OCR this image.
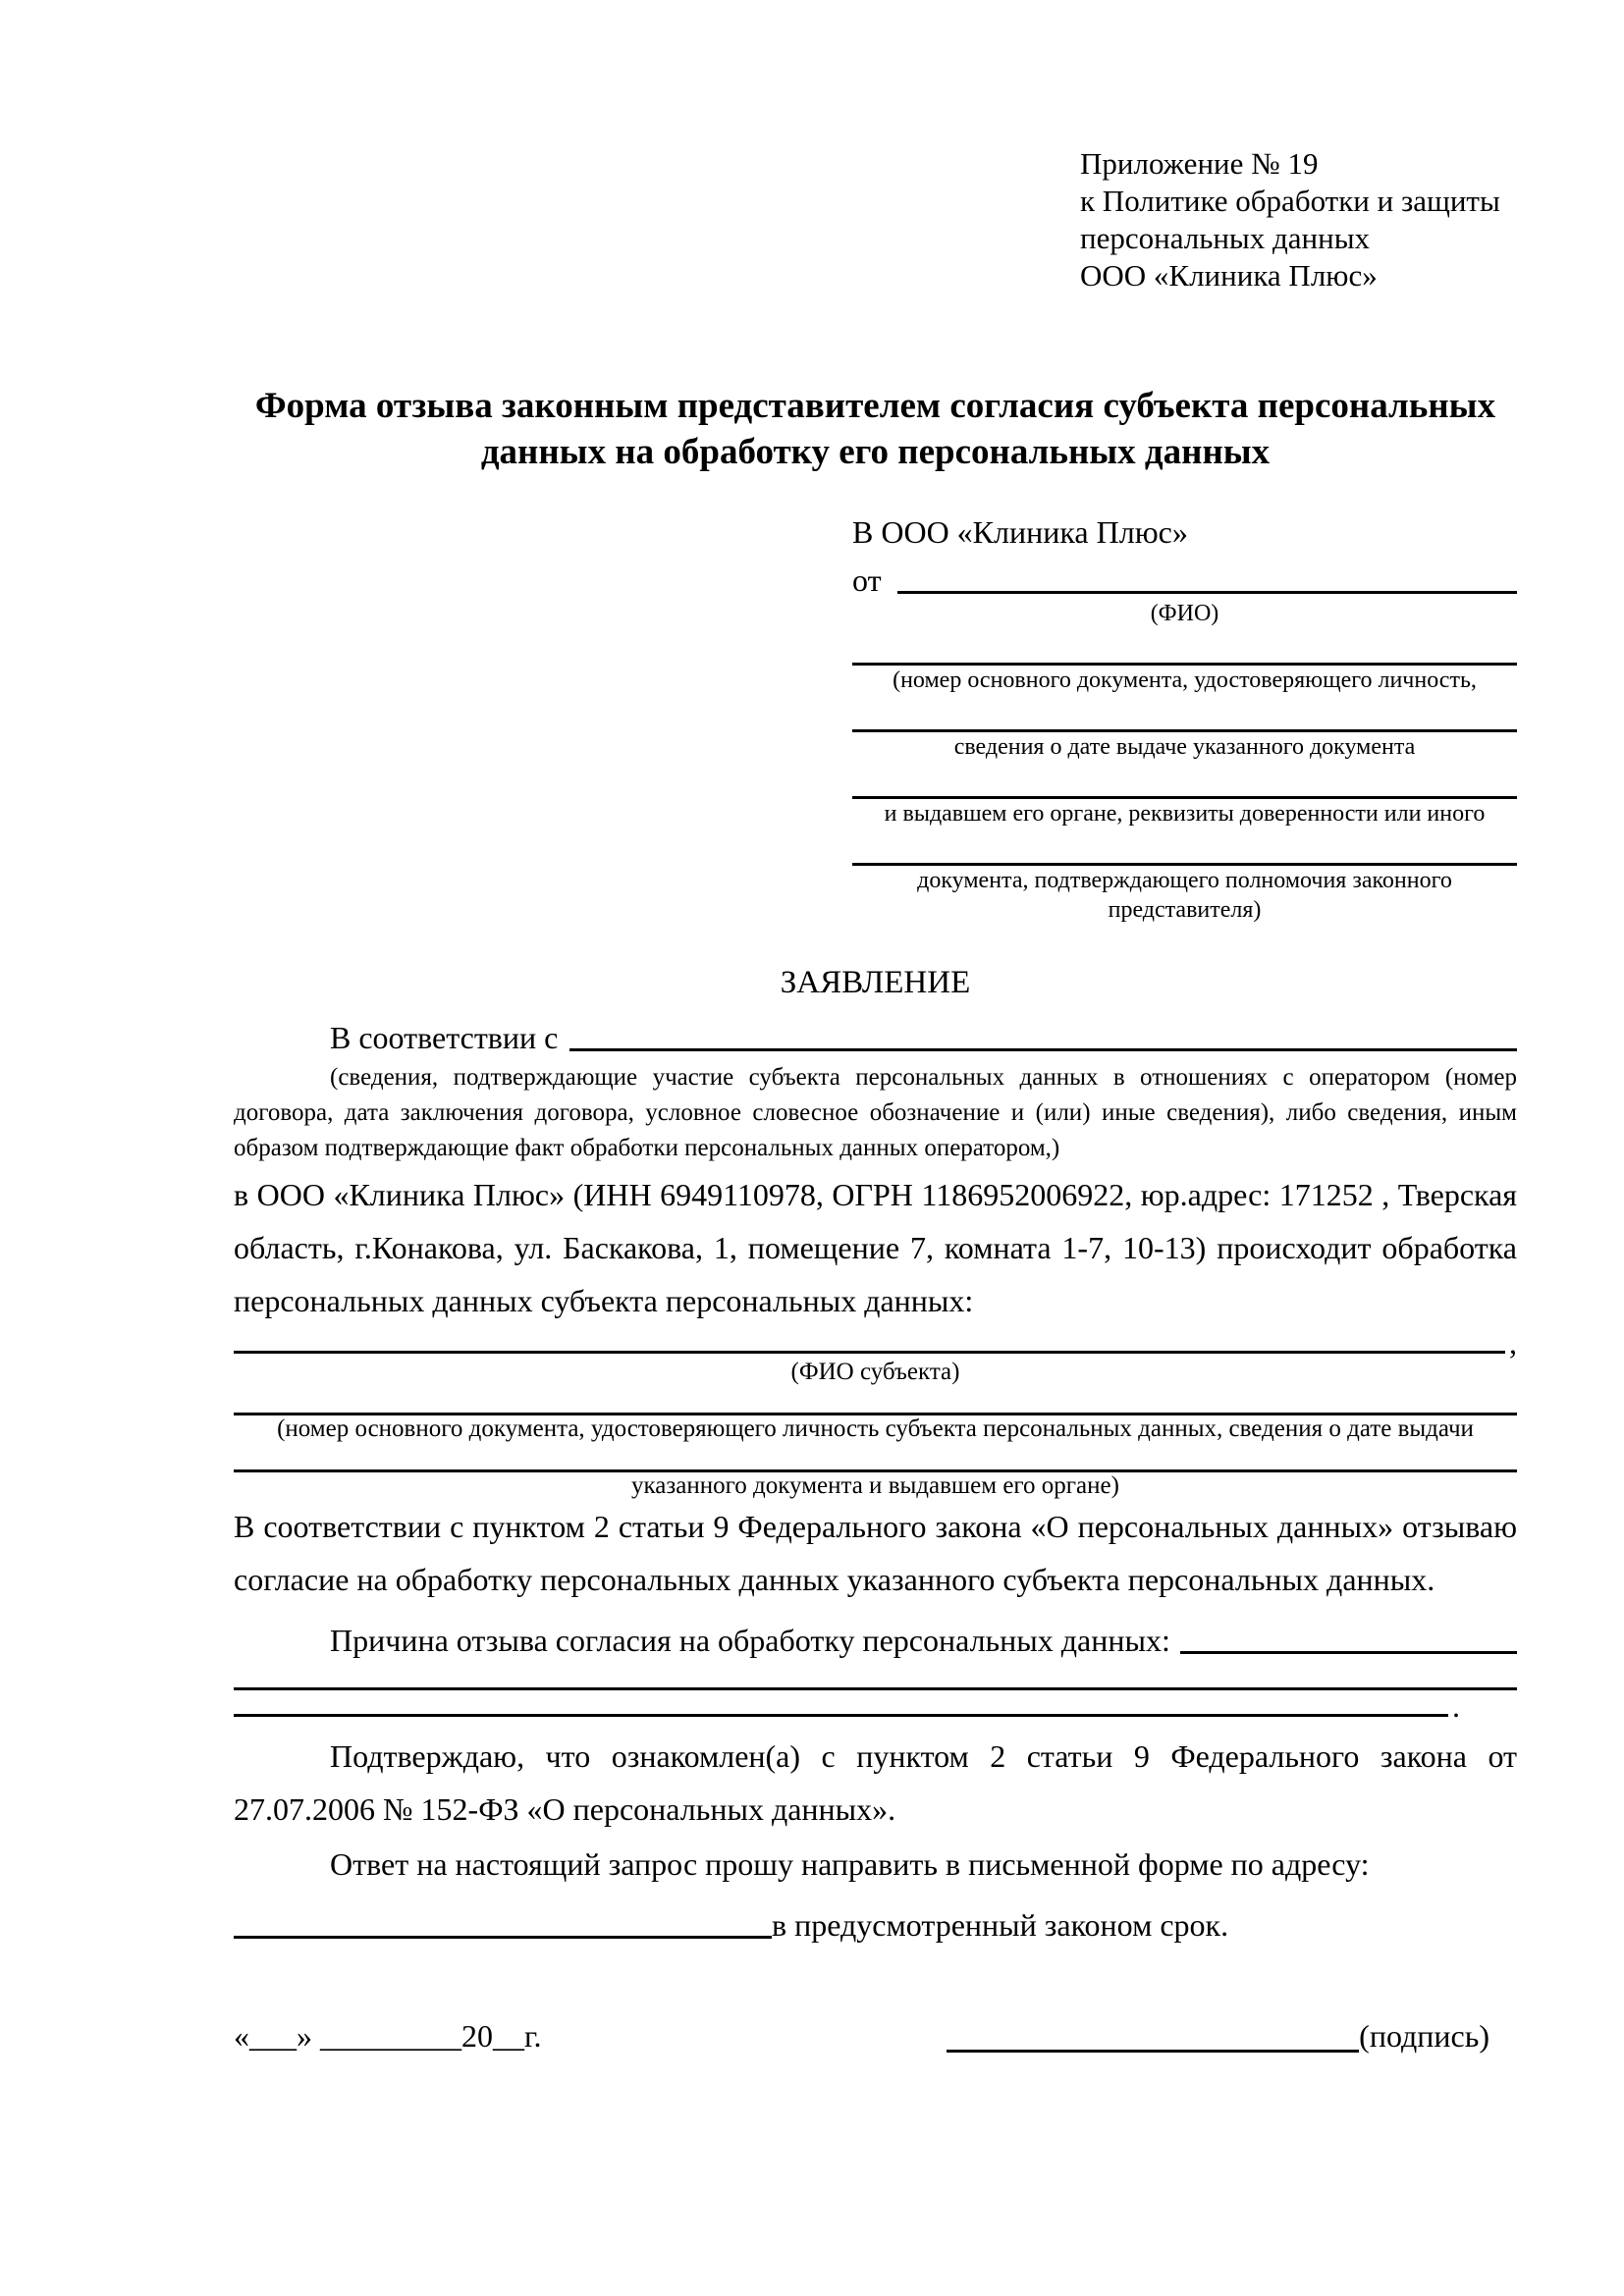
Приложение № 19
к Политике обработки и защиты
персональных данных
ООО «Клиника Плюс»
Форма отзыва законным представителем согласия субъекта персональных данных на обработку его персональных данных
В ООО «Клиника Плюс»
от
(ФИО)
(номер основного документа, удостоверяющего личность,
сведения о дате выдаче указанного документа
и выдавшем его органе, реквизиты доверенности или иного
документа, подтверждающего полномочия законного представителя)
ЗАЯВЛЕНИЕ
В соответствии с
(сведения, подтверждающие участие субъекта персональных данных в отношениях с оператором (номер договора, дата заключения договора, условное словесное обозначение и (или) иные сведения), либо сведения, иным образом подтверждающие факт обработки персональных данных оператором,)
в ООО «Клиника Плюс» (ИНН 6949110978, ОГРН 1186952006922, юр.адрес: 171252 , Тверская область, г.Конакова, ул. Баскакова, 1, помещение 7, комната 1-7, 10-13) происходит обработка персональных данных субъекта персональных данных:
,
(ФИО субъекта)
(номер основного документа, удостоверяющего личность субъекта персональных данных, сведения о дате выдачи
указанного документа и выдавшем его органе)
В соответствии с пунктом 2 статьи 9 Федерального закона «О персональных данных» отзываю согласие на обработку персональных данных указанного субъекта персональных данных.
Причина отзыва согласия на обработку персональных данных:
.
Подтверждаю, что ознакомлен(а) с пунктом 2 статьи 9 Федерального закона от 27.07.2006 № 152-ФЗ «О персональных данных».
Ответ на настоящий запрос прошу направить в письменной форме по адресу:
в предусмотренный законом срок.
«___» _________20__г.	(подпись)
